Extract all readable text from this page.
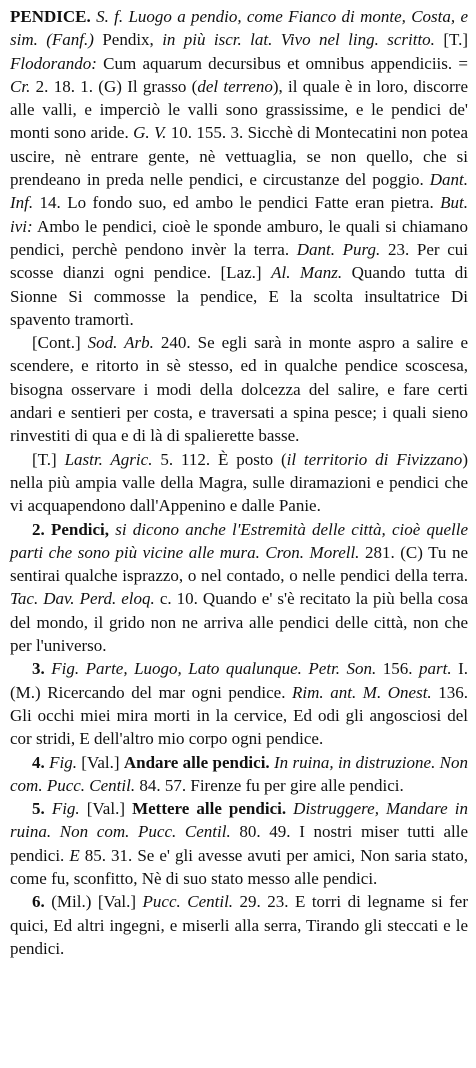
PENDICE. S. f. Luogo a pendio, come Fianco di monte, Costa, e sim. (Fanf.) Pendix, in più iscr. lat. Vivo nel ling. scritto. [T.] Flodorando: Cum aquarum decursibus et omnibus appendiciis. = Cr. 2. 18. 1. (G) Il grasso (del terreno), il quale è in loro, discorre alle valli, e imperciò le valli sono grassissime, e le pendici de' monti sono aride. G. V. 10. 155. 3. Sicchè di Montecatini non potea uscire, nè entrare gente, nè vettuaglia, se non quello, che si prendeano in preda nelle pendici, e circustanze del poggio. Dant. Inf. 14. Lo fondo suo, ed ambo le pendici Fatte eran pietra. But. ivi: Ambo le pendici, cioè le sponde amburo, le quali si chiamano pendici, perchè pendono invèr la terra. Dant. Purg. 23. Per cui scosse dianzi ogni pendice. [Laz.] Al. Manz. Quando tutta di Sionne Si commosse la pendice, E la scolta insultatrice Di spavento tramortì.

[Cont.] Sod. Arb. 240. Se egli sarà in monte aspro a salire e scendere, e ritorto in sè stesso, ed in qualche pendice scoscesa, bisogna osservare i modi della dolcezza del salire, e fare certi andari e sentieri per costa, e traversati a spina pesce; i quali sieno rinvestiti di qua e di là di spalierette basse.

[T.] Lastr. Agric. 5. 112. È posto (il territorio di Fivizzano) nella più ampia valle della Magra, sulle diramazioni e pendici che vi acquapendono dall'Appenino e dalle Panie.

2. Pendici, si dicono anche l'Estremità delle città, cioè quelle parti che sono più vicine alle mura. Cron. Morell. 281. (C) Tu ne sentirai qualche isprazzo, o nel contado, o nelle pendici della terra. Tac. Dav. Perd. eloq. c. 10. Quando e' s'è recitato la più bella cosa del mondo, il grido non ne arriva alle pendici delle città, non che per l'universo.

3. Fig. Parte, Luogo, Lato qualunque. Petr. Son. 156. part. I. (M.) Ricercando del mar ogni pendice. Rim. ant. M. Onest. 136. Gli occhi miei mira morti in la cervice, Ed odi gli angosciosi del cor stridi, E dell'altro mio corpo ogni pendice.

4. Fig. [Val.] Andare alle pendici. In ruina, in distruzione. Non com. Pucc. Centil. 84. 57. Firenze fu per gire alle pendici.

5. Fig. [Val.] Mettere alle pendici. Distruggere, Mandare in ruina. Non com. Pucc. Centil. 80. 49. I nostri miser tutti alle pendici. E 85. 31. Se e' gli avesse avuti per amici, Non saria stato, come fu, sconfitto, Nè di suo stato messo alle pendici.

6. (Mil.) [Val.] Pucc. Centil. 29. 23. E torri di legname si fer quici, Ed altri ingegni, e miserli alla serra, Tirando gli steccati e le pendici.
